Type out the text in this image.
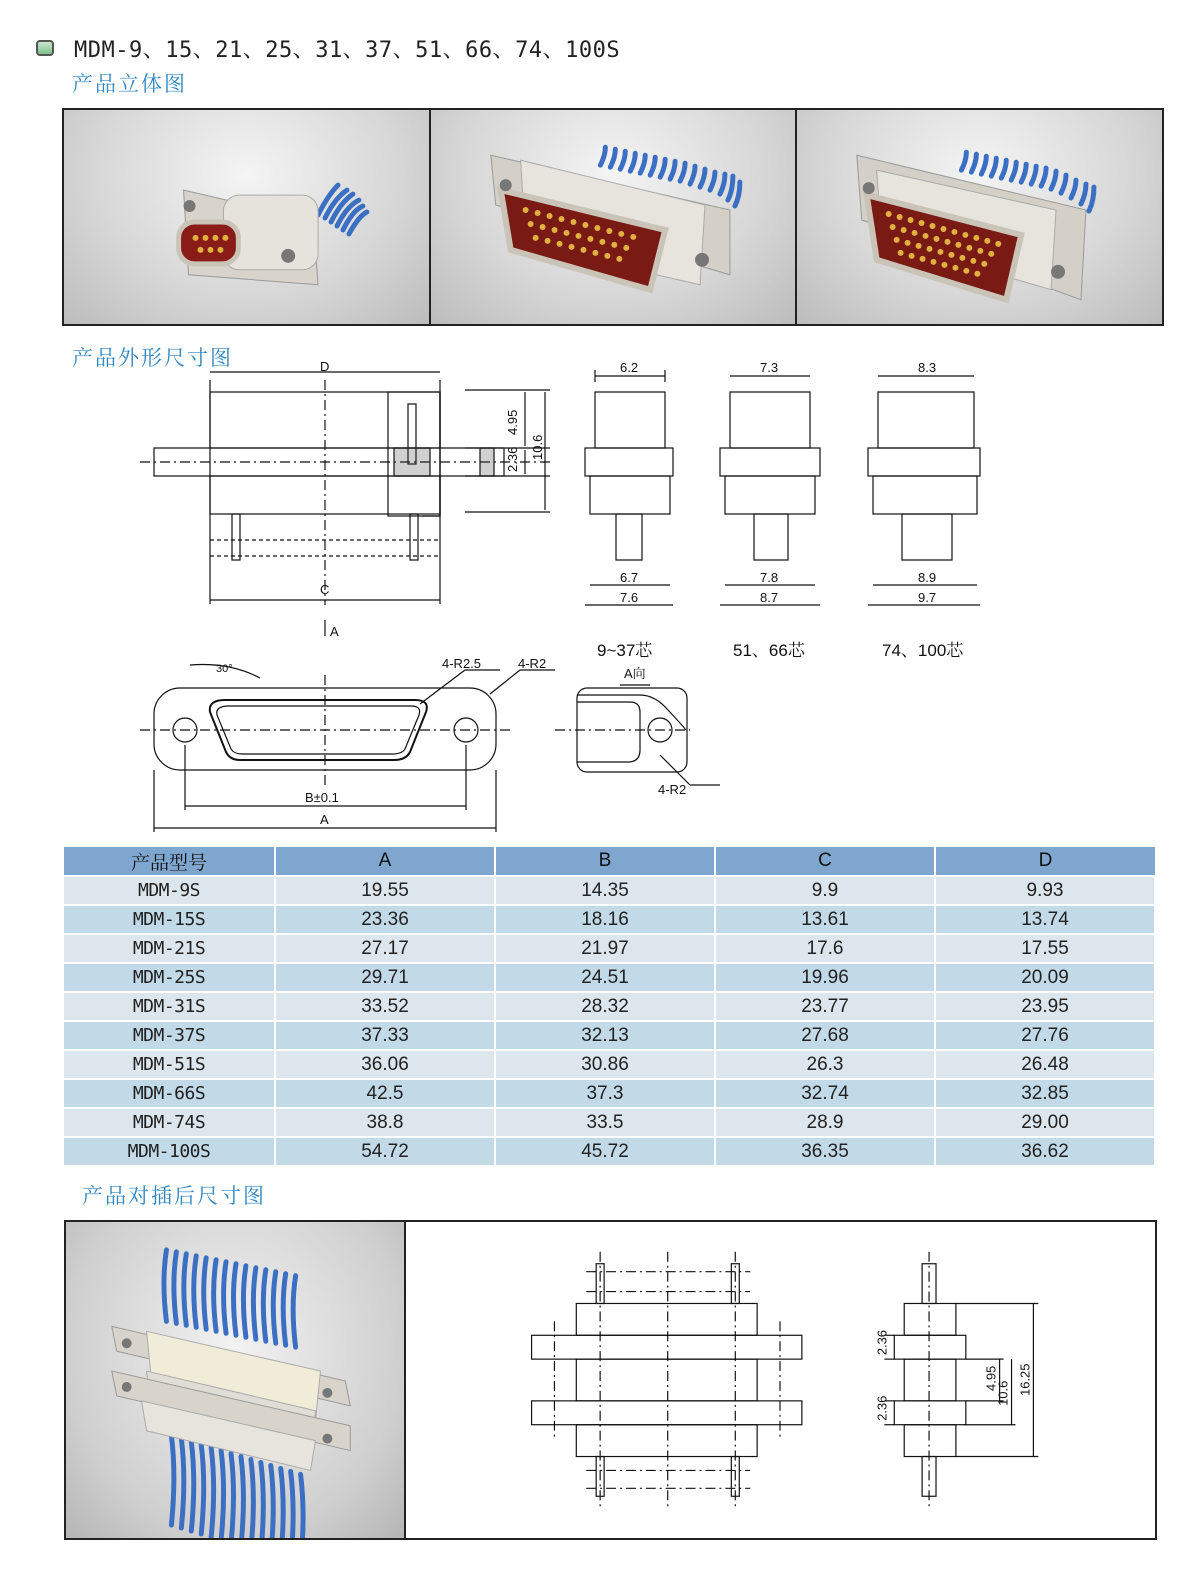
MDM-9、15、21、25、31、37、51、66、74、100S
产品立体图
产品外形尺寸图	D
C
A
4.95
10.6
2.36
6.2
6.7
7.6
7.3
7.8
8.7
8.3
8.9
9.7
9~37芯	51、66芯	74、100芯
30°	4-R2.5	4-R2
B±0.1
A
A向
4-R2
产品型号	A	B	C	D
MDM-9S	19.55	14.35	9.9	9.93
MDM-15S	23.36	18.16	13.61	13.74
MDM-21S	27.17	21.97	17.6	17.55
MDM-25S	29.71	24.51	19.96	20.09
MDM-31S	33.52	28.32	23.77	23.95
MDM-37S	37.33	32.13	27.68	27.76
MDM-51S	36.06	30.86	26.3	26.48
MDM-66S	42.5	37.3	32.74	32.85
MDM-74S	38.8	33.5	28.9	29.00
MDM-100S	54.72	45.72	36.35	36.62
产品对插后尺寸图
2.36
4.95
10.6 16.25
2.36
